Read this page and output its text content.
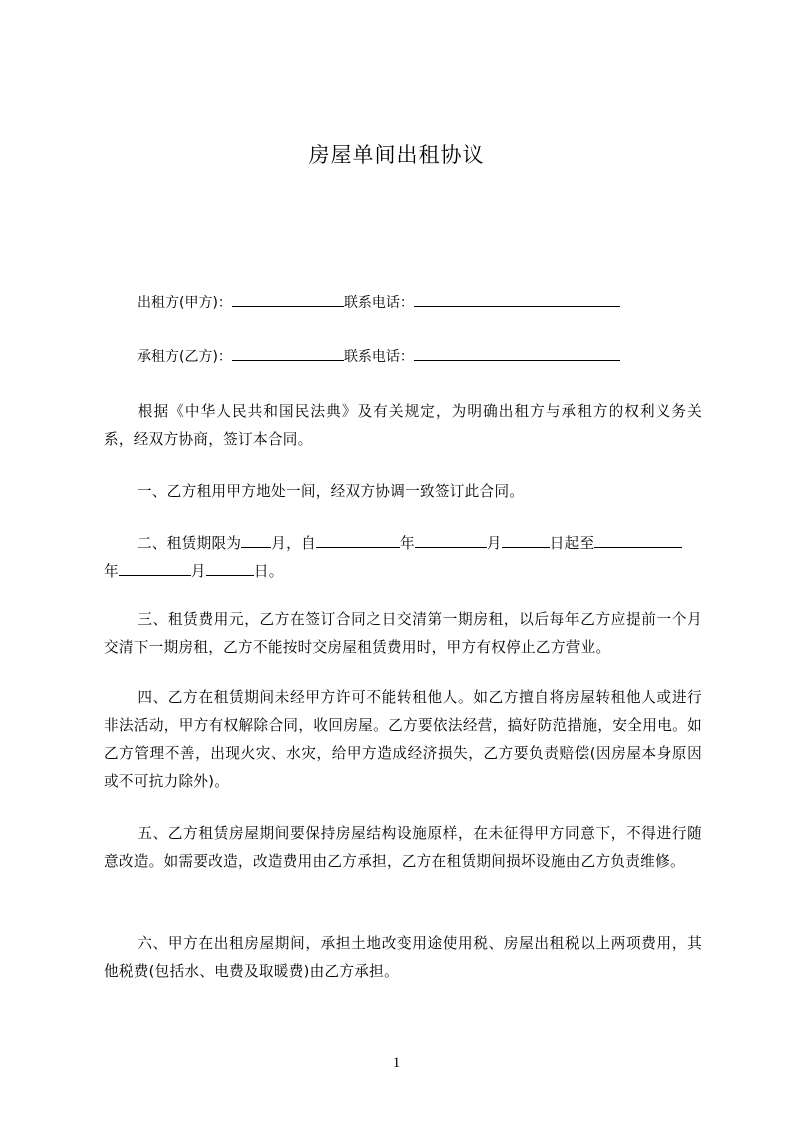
房屋单间出租协议
出租方(甲方)：	联系电话：
承租方(乙方)：	联系电话：
根据《中华人民共和国民法典》及有关规定，为明确出租方与承租方的权利义务关系，经双方协商，签订本合同。
一、乙方租用甲方地处一间，经双方协调一致签订此合同。
二、租赁期限为 月，自	年	月	日起至
年	月	日。
三、租赁费用元，乙方在签订合同之日交清第一期房租，以后每年乙方应提前一个月交清下一期房租，乙方不能按时交房屋租赁费用时，甲方有权停止乙方营业。
四、乙方在租赁期间未经甲方许可不能转租他人。如乙方擅自将房屋转租他人或进行非法活动，甲方有权解除合同，收回房屋。乙方要依法经营，搞好防范措施，安全用电。如乙方管理不善，出现火灾、水灾，给甲方造成经济损失，乙方要负责赔偿(因房屋本身原因或不可抗力除外)。
五、乙方租赁房屋期间要保持房屋结构设施原样，在未征得甲方同意下，不得进行随意改造。如需要改造，改造费用由乙方承担，乙方在租赁期间损坏设施由乙方负责维修。
六、甲方在出租房屋期间，承担土地改变用途使用税、房屋出租税以上两项费用，其他税费(包括水、电费及取暖费)由乙方承担。
1
